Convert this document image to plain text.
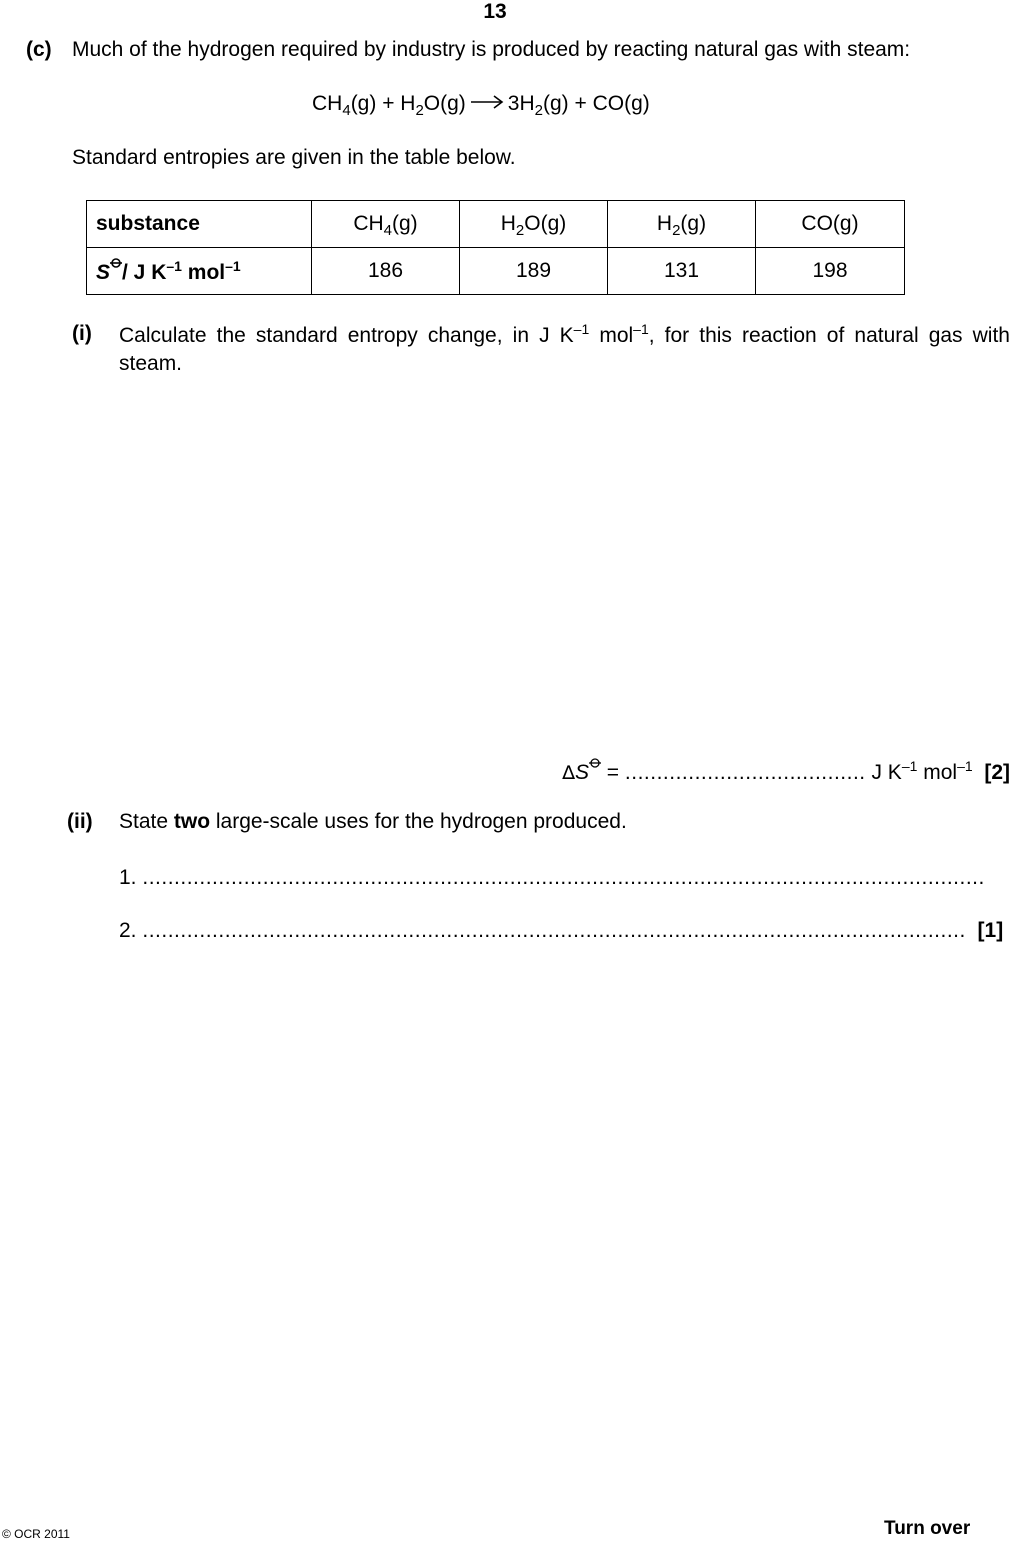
13
(c) Much of the hydrogen required by industry is produced by reacting natural gas with steam:
$CH_4(g) + H_2O(g) \to 3H_2(g) + CO(g)$
Standard entropies are given in the table below.
substance	$CH_4(g)$	$H_2O(g)$	$H_2(g)$	CO(g)
S / J $K^{-1}$ mol$^{-1}$	186	189	131	198
(i) Calculate the standard entropy change, in J $K^{-1}$ mol$^{-1}$, for this reaction of natural gas with steam.
∆S = ...................................... J $K^{-1}$ mol$^{-1}$ [2]
(ii) State two large-scale uses for the hydrogen produced.
1. .....................................................................................................................................
2. .................................................................................................................................. [1]
© OCR 2011	Turn over
